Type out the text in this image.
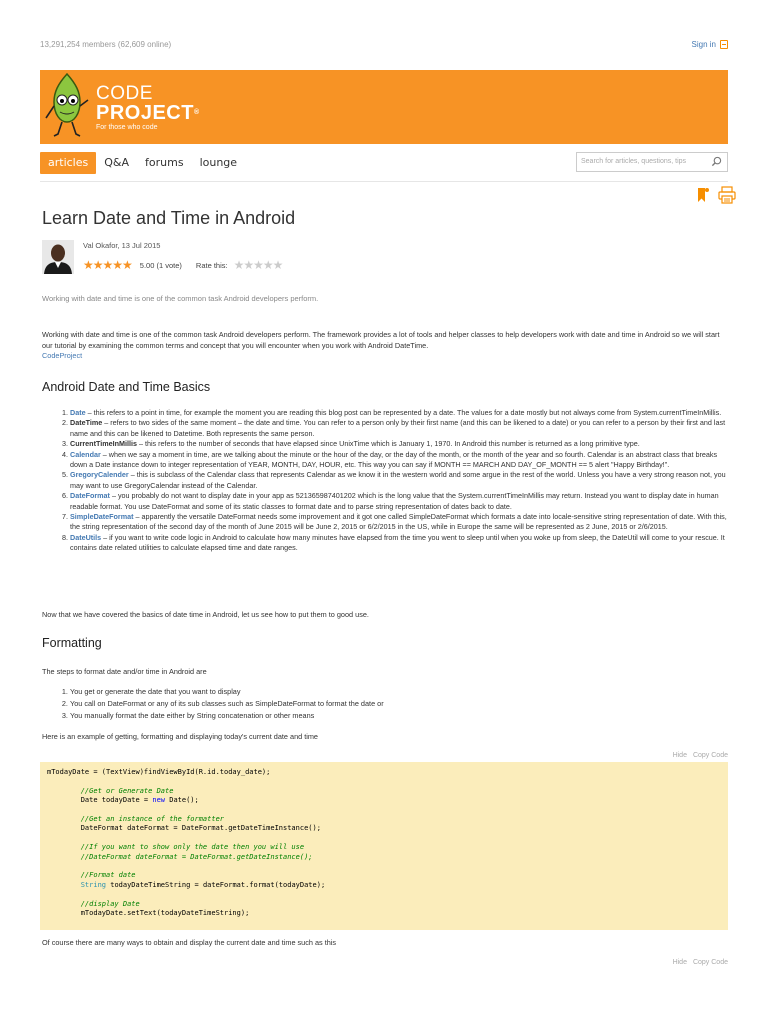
13,291,254 members (62,609 online)	Sign in
CODE
PROJECT®
For those who code
articles	Q&A	forums	lounge	Search for articles, questions, tips
Learn Date and Time in Android
Val Okafor, 13 Jul 2015
★★★★★ 5.00 (1 vote) Rate this: ★★★★★
Working with date and time is one of the common task Android developers perform.

Working with date and time is one of the common task Android developers perform. The framework provides a lot of tools and helper classes to help developers work with date and time in Android so we will start our tutorial by examining the common terms and concept that you will encounter when you work with Android DateTime.

CodeProject
Android Date and Time Basics
1. Date – this refers to a point in time, for example the moment you are reading this blog post can be represented by a date. The values for a date mostly but not always come from System.currentTimeInMillis.
2. DateTime – refers to two sides of the same moment – the date and time. You can refer to a person only by their first name (and this can be likened to a date) or you can refer to a person by their first and last name and this can be likened to Datetime. Both represents the same person.
3. CurrentTimeInMillis – this refers to the number of seconds that have elapsed since UnixTime which is January 1, 1970. In Android this number is returned as a long primitive type.
4. Calendar – when we say a moment in time, are we talking about the minute or the hour of the day, or the day of the month, or the month of the year and so fourth. Calendar is an abstract class that breaks down a Date instance down to integer representation of YEAR, MONTH, DAY, HOUR, etc. This way you can say if MONTH == MARCH AND DAY_OF_MONTH == 5 alert "Happy Birthday!".
5. GregoryCalender – this is subclass of the Calendar class that represents Calendar as we know it in the western world and some argue in the rest of the world. Unless you have a very strong reason not, you may want to use GregoryCalendar instead of the Calendar.
6. DateFormat – you probably do not want to display date in your app as 521365987401202 which is the long value that the System.currentTimeInMillis may return. Instead you want to display date in human readable format. You use DateFormat and some of its static classes to format date and to parse string representation of dates back to date.
7. SimpleDateFormat – apparently the versatile DateFormat needs some improvement and it got one called SimpleDateFormat which formats a date into locale-sensitive string representation of date. With this, the string representation of the second day of the month of June 2015 will be June 2, 2015 or 6/2/2015 in the US, while in Europe the same will be represented as 2 June, 2015 or 2/6/2015.
8. DateUtils – if you want to write code logic in Android to calculate how many minutes have elapsed from the time you went to sleep until when you woke up from sleep, the DateUtil will come to your rescue. It contains date related utilities to calculate elapsed time and date ranges.
Now that we have covered the basics of date time in Android, let us see how to put them to good use.
Formatting
The steps to format date and/or time in Android are
1. You get or generate the date that you want to display
2. You call on DateFormat or any of its sub classes such as SimpleDateFormat to format the date or
3. You manually format the date either by String concatenation or other means
Here is an example of getting, formatting and displaying today's current date and time
Hide Copy Code
mTodayDate = (TextView)findViewById(R.id.today_date);

//Get or Generate Date
Date todayDate = new Date();

//Get an instance of the formatter
DateFormat dateFormat = DateFormat.getDateTimeInstance();

//If you want to show only the date then you will use
//DateFormat dateFormat = DateFormat.getDateInstance();

//Format date
String todayDateTimeString = dateFormat.format(todayDate);

//display Date
mTodayDate.setText(todayDateTimeString);

Of course there are many ways to obtain and display the current date and time such as this
Hide Copy Code
